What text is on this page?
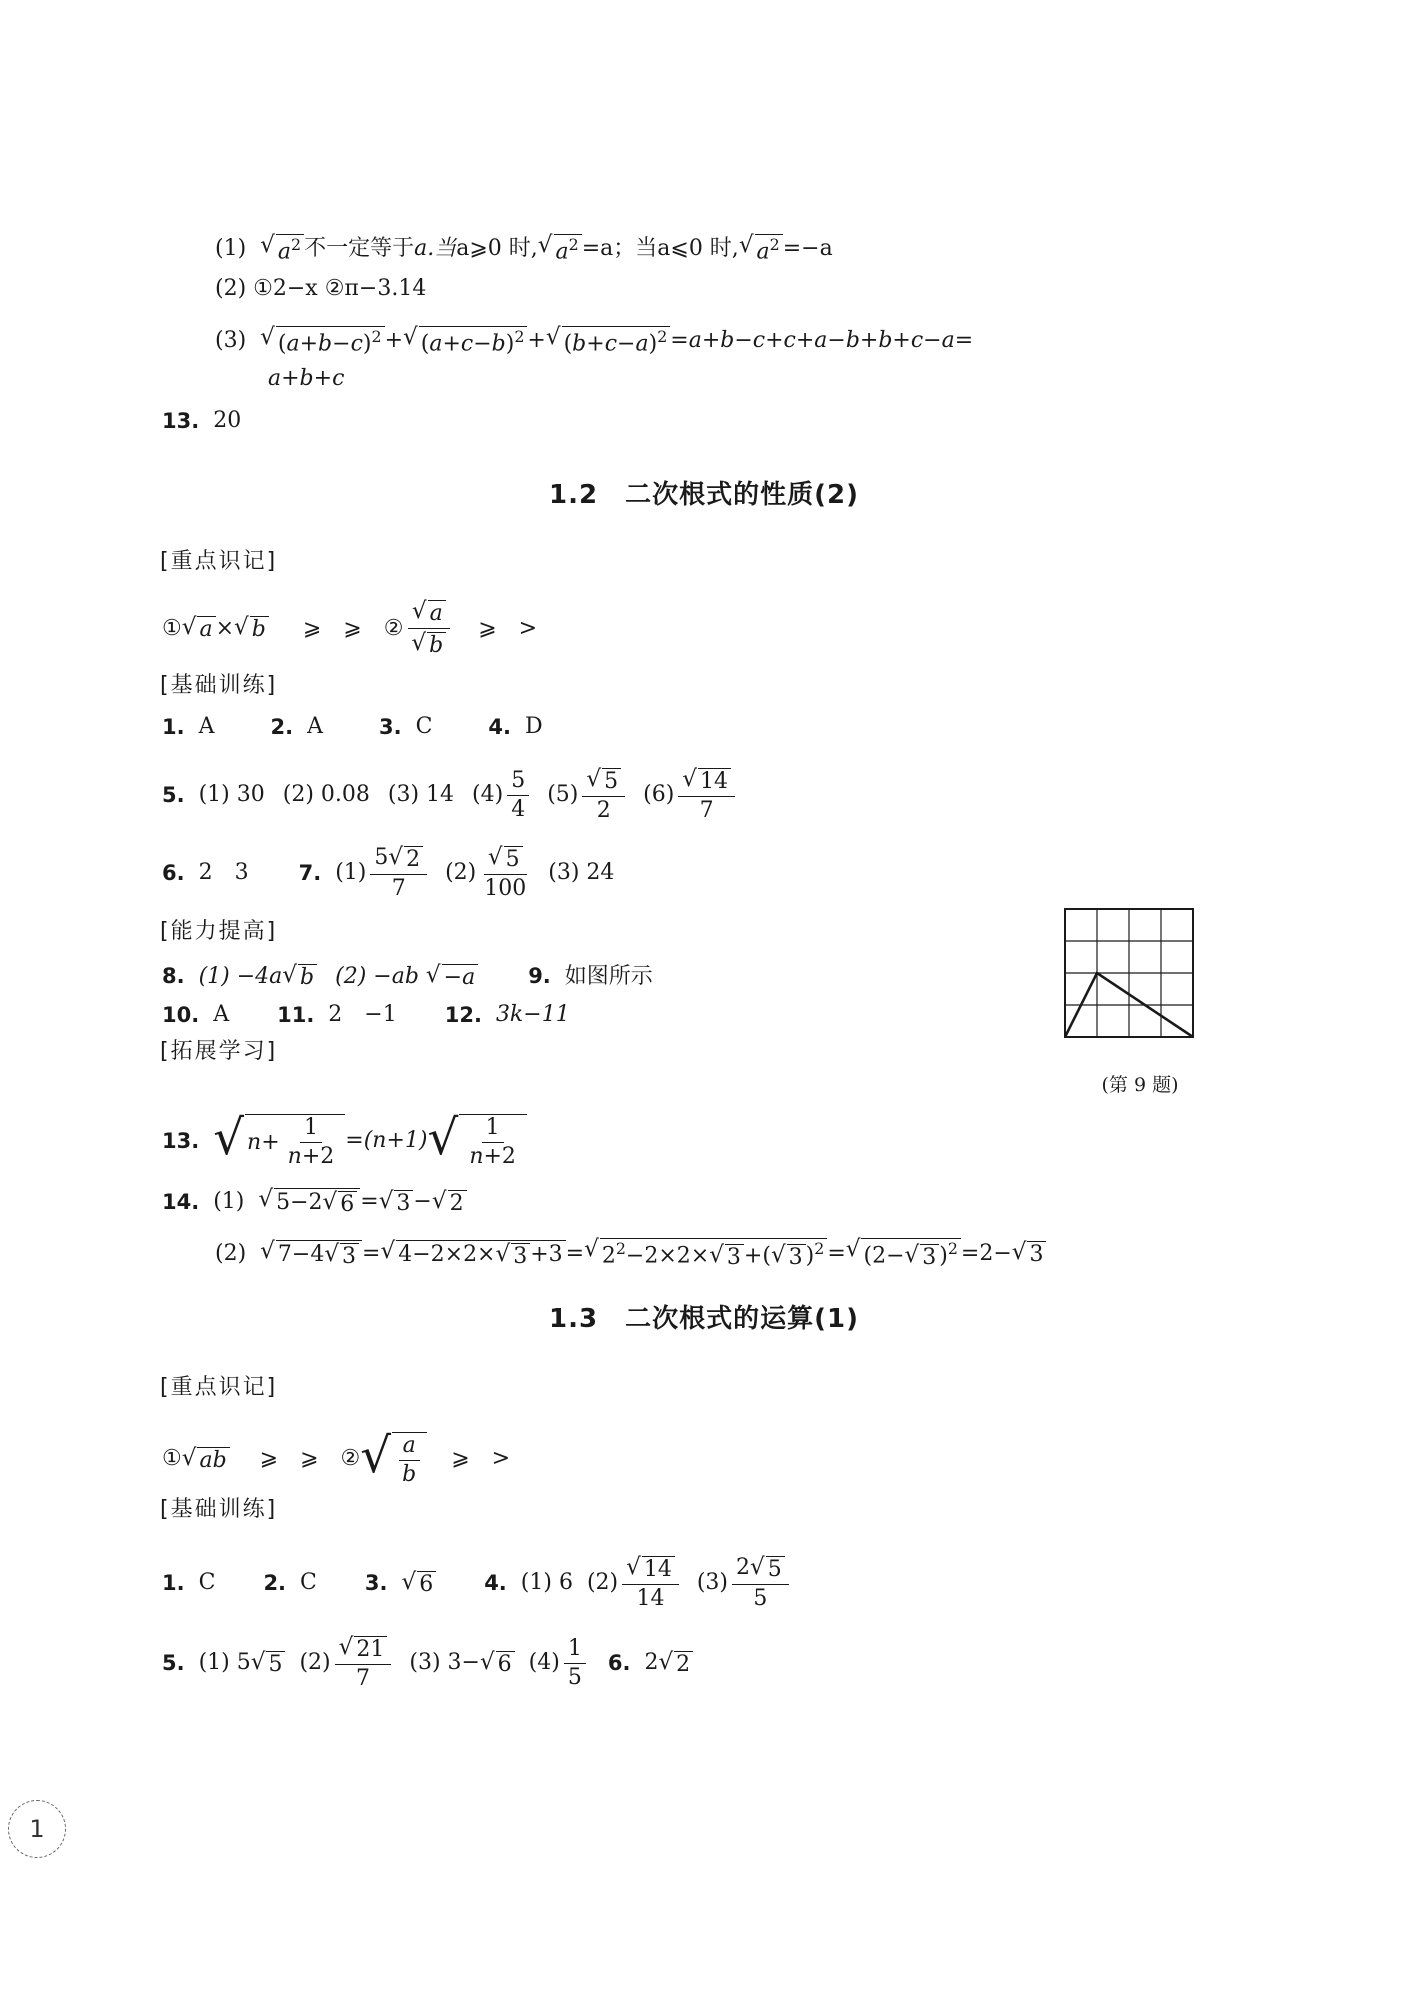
(1)
√ $a^2$ 不一定等于 a.当 a⩾0 时, √ $a^2 =a$；当 a⩽0 时, √ $a^2 =-a$
(2) ①2−x ②π−3.14
(3)
√ $(a+b-c)^2$ + √ $(a+c-b)^2$ + √ $(b+c-a)^2 =a+b-c+c+a-b+b+c-a=$
a+b+c
13. 20
1.2　二次根式的性质(2)
[重点识记]
① √ a × √ b ⩾　⩾　② $\frac{√ a}{√ b}$ ⩾　>
[基础训练]
1. A	2. A	3. C	4. D
5. (1) 30 (2) 0.08 (3) 14 $(4) \frac{5}{4} (5) \frac{√ 5}{2} (6) \frac{√ 14}{7}$
6. 2　3 7. $(1) \frac{5 √ 2}{7} (2) \frac{√ 5}{100} (3)$ 24
[能力提高]
8. (1) −4a √ b (2) −ab
√ −a	9. 如图所示
10. A 11. 2　−1 12. 3k−11
[拓展学习]
(第 9 题)
13. √ $n + \frac{1}{n+2} =(n+1)$ √ $\frac{1}{n+2}$
14. (1)
√ 5−2 √ 6 = √ 3 − √ 2
(2)
√ 7−4 √ 3 = √ 4−2×2× √ 3 +3 = √ $2^2-2\times 2\times$ √ 3 +( √ 3 )$^2$ = √ (2− √ 3 )$^2$ =2− √ 3
1.3　二次根式的运算(1)
[重点识记]
① √ ab ⩾　⩾　② √ $\frac{a}{b}$ ⩾　>
[基础训练]
1. C 2. C 3. √ 6 4. (1) 6 $(2) \frac{√ 14}{14} (3) \frac{2 √ 5}{5}$
5. (1) 5 √ 5 $(2) \frac{√ 21}{7} (3)$ 3− √ 6 $(4) \frac{1}{5} 6$. 2 √ 2
1
